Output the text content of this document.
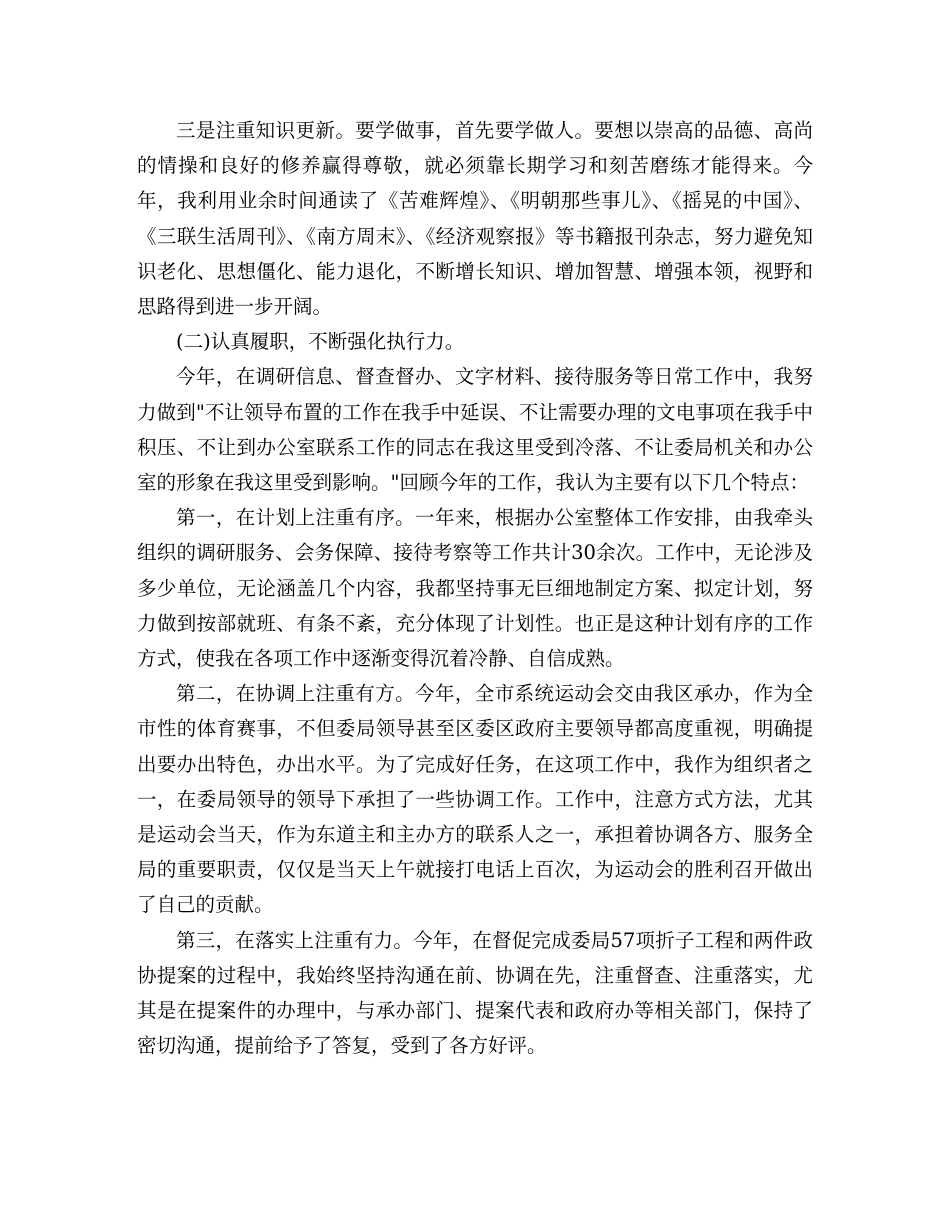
三是注重知识更新。要学做事，首先要学做人。要想以崇高的品德、高尚的情操和良好的修养赢得尊敬，就必须靠长期学习和刻苦磨练才能得来。今年，我利用业余时间通读了《苦难辉煌》、《明朝那些事儿》、《摇晃的中国》、《三联生活周刊》、《南方周末》、《经济观察报》等书籍报刊杂志，努力避免知识老化、思想僵化、能力退化，不断增长知识、增加智慧、增强本领，视野和思路得到进一步开阔。

(二)认真履职，不断强化执行力。

今年，在调研信息、督查督办、文字材料、接待服务等日常工作中，我努力做到"不让领导布置的工作在我手中延误、不让需要办理的文电事项在我手中积压、不让到办公室联系工作的同志在我这里受到冷落、不让委局机关和办公室的形象在我这里受到影响。"回顾今年的工作，我认为主要有以下几个特点：

第一，在计划上注重有序。一年来，根据办公室整体工作安排，由我牵头组织的调研服务、会务保障、接待考察等工作共计30余次。工作中，无论涉及多少单位，无论涵盖几个内容，我都坚持事无巨细地制定方案、拟定计划，努力做到按部就班、有条不紊，充分体现了计划性。也正是这种计划有序的工作方式，使我在各项工作中逐渐变得沉着冷静、自信成熟。

第二，在协调上注重有方。今年，全市系统运动会交由我区承办，作为全市性的体育赛事，不但委局领导甚至区委区政府主要领导都高度重视，明确提出要办出特色，办出水平。为了完成好任务，在这项工作中，我作为组织者之一，在委局领导的领导下承担了一些协调工作。工作中，注意方式方法，尤其是运动会当天，作为东道主和主办方的联系人之一，承担着协调各方、服务全局的重要职责，仅仅是当天上午就接打电话上百次，为运动会的胜利召开做出了自己的贡献。

第三，在落实上注重有力。今年，在督促完成委局57项折子工程和两件政协提案的过程中，我始终坚持沟通在前、协调在先，注重督查、注重落实，尤其是在提案件的办理中，与承办部门、提案代表和政府办等相关部门，保持了密切沟通，提前给予了答复，受到了各方好评。
